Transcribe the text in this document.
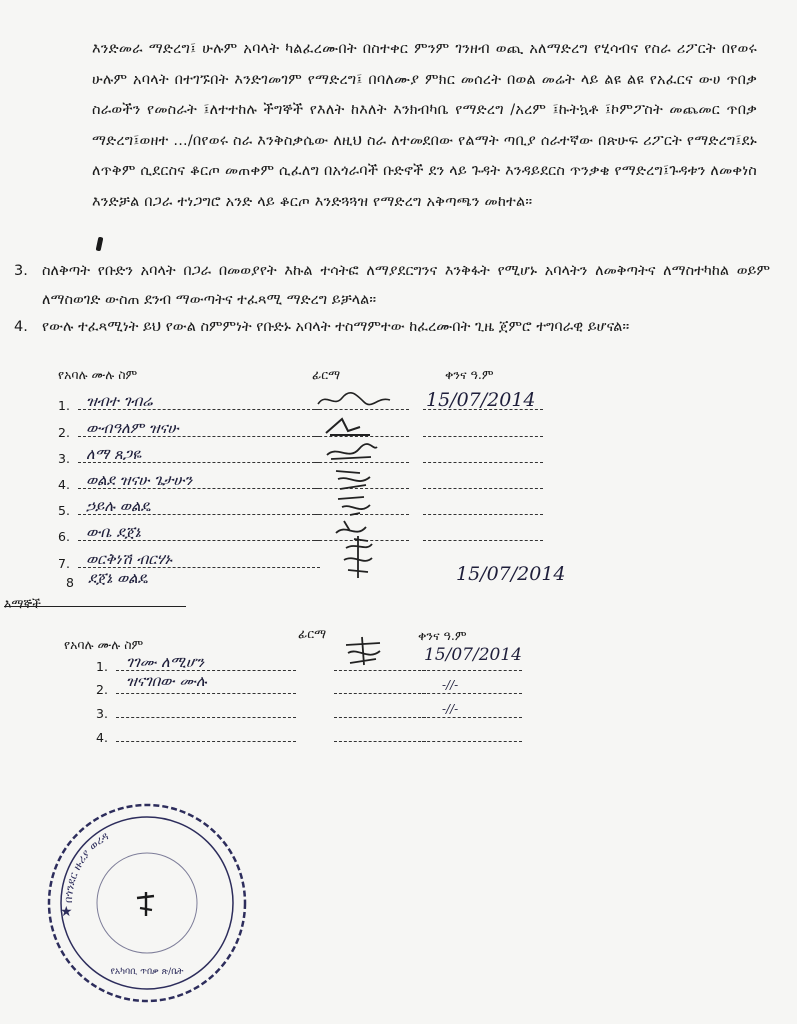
እንድመራ ማድረግ፤ ሁሉም አባላት ካልፈረሙበት በስተቀር ምንም ገንዘብ ወጪ አለማድረግ የሂሳብና የስራ ሪፖርት በየወሩ ሁሉም አባላት በተገኙበት እንድገመገም የማድረግ፤ በባለሙያ ምክር መሰረት በወል መሬት ላይ ልዩ ልዩ የአፈርና ውሀ ጥበቃ ስራወችን የመስራት ፤ለተተከሉ ችግኞች የእለት ከእለት እንክብካቤ የማድረግ /አረም ፤ኩትኳቶ ፤ኮምፖስት መጨመር ጥበቃ ማድረግ፤ወዘተ .../በየወሩ ስራ እንቅስቃሴው ለዚህ ስራ ለተመደበው የልማት ጣቢያ ሰራተኛው በጽሁፍ ሪፖርት የማድረግ፤ደኑ ለጥቅም ሲደርስና ቆርጦ መጠቀም ሲፈለግ በአጎራባች ቡድኖች ደን ላይ ጉዳት እንዳይደርስ ጥንቃቄ የማድረግ፤ጉዳቱን ለመቀነስ እንድቻል በጋራ ተነጋግሮ አንድ ላይ ቆርጦ እንድጓጓዝ የማድረግ አቅጣጫን መከተል።
3. ስለቅጣት የቡድን አባላት በጋራ በመወያየት እኩል ተሳትፎ ለማያደርግንና እንቅፋት የሚሆኑ አባላትን ለመቅጣትና ለማስተካከል ወይም ለማስወገድ ውስጠ ደንብ ማውጣትና ተፈጻሚ ማድረግ ይቻላል።
4. የውሉ ተፈጻሚነት ይህ የውል ስምምነት የቡድኑ አባላት ተስማምተው ከፈረሙበት ጊዜ ጀምሮ ተግባራዊ ይሆናል።
የአባሉ ሙሉ ስም	ፊርማ	ቀንና ዓ.ም
1. ዝብተ ገብሬ	15/07/2014
2. ውብዓለም ዝናሁ
3. ለማ ጸጋዬ
4. ወልደ ዝናሁ ጌታሁን
5. ኃይሉ ወልዴ
6. ውቤ ደጀኔ
7. ወርቅነሽ ብርሃኑ
8 ደጀኔ ወልዴ	15/07/2014
እማኞች
የአባሉ ሙሉ ስም
ፊርማ	ቀንና ዓ.ም
1. ገገሙ ለሚሆን	15/07/2014
2. ዝናገበው ሙሉ	-//-
3.	-//-
4.
በጎንደር ዙሪያ ወረዳ
የአካባቢ ጥበቃ ጽ/ቤት
★
